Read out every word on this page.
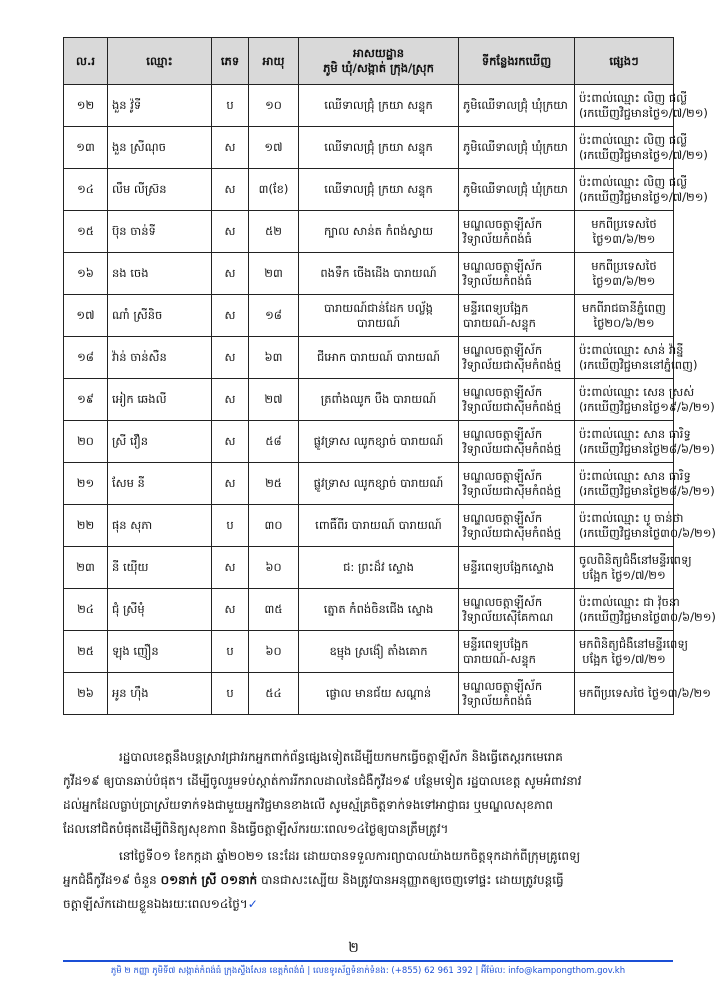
ល.រ	ឈ្មោះ	ភេទ	អាយុ	អាសយដ្ឋាន
ភូមិ ឃុំ/សង្កាត់ ក្រុង/ស្រុក	ទីកន្លែងរកឃើញ	ផ្សេងៗ
១២	ងួន វ៉ូទី	ប	១០	ឈើទាលជ្រុំ ក្រយា សន្ទុក	ភូមិឈើទាលជ្រុំ ឃុំក្រយា	ប៉ះពាល់ឈ្មោះ លិញ ផល្លី
(រកឃើញវិជ្ជមានថ្ងៃ១/៧/២១)

១៣	ងួន ស្រីណុច	ស	១៧	ឈើទាលជ្រុំ ក្រយា សន្ទុក	ភូមិឈើទាលជ្រុំ ឃុំក្រយា	ប៉ះពាល់ឈ្មោះ លិញ ផល្លី
(រកឃើញវិជ្ជមានថ្ងៃ១/៧/២១)

១៤	លឹម លីស្រ៊ន	ស	៣(ខែ)	ឈើទាលជ្រុំ ក្រយា សន្ទុក	ភូមិឈើទាលជ្រុំ ឃុំក្រយា	ប៉ះពាល់ឈ្មោះ លិញ ផល្លី
(រកឃើញវិជ្ជមានថ្ងៃ១/៧/២១)

១៥	ប៊ុន ចាន់ទី	ស	៥២	ក្បាល សាន់ត កំពង់ស្វាយ	មណ្ឌលចត្តាឡីស័ក
វិទ្យាល័យកំពង់ធំ	មកពីប្រទេសថៃ
ថ្ងៃ១៣/៦/២១

១៦	នង ចេង	ស	២៣	ពងទឹក ចើងដើង បារាយណ៍	មណ្ឌលចត្តាឡីស័ក
វិទ្យាល័យកំពង់ធំ	មកពីប្រទេសថៃ
ថ្ងៃ១៣/៦/២១

១៧	ណាំ ស្រីនិច	ស	១៨	បារាយណ៍ជាន់ដែក បល្ល័ង្ក
បារាយណ៍	មន្ទីរពេទ្យបង្អែក
បារាយណ៍-សន្ទុក	មកពីរាជធានីភ្នំពេញ
ថ្ងៃ២០/៦/២១

១៨	វ៉ាន់ ចាន់សឺន	ស	៦៣	ជីអោក បារាយណ៍ បារាយណ៍	មណ្ឌលចត្តាឡីស័ក
វិទ្យាល័យជាស៊ីមកំពង់ថ្ម	ប៉ះពាល់ឈ្មោះ សាន់ វ៉ាន្នី
(រកឃើញវិជ្ជមាននៅភ្នំពេញ)

១៩	អៀក ឆេងលី	ស	២៧	ត្រពាំងឈូក បឹង បារាយណ៍	មណ្ឌលចត្តាឡីស័ក
វិទ្យាល័យជាស៊ីមកំពង់ថ្ម	ប៉ះពាល់ឈ្មោះ សេន ស្រស់
(រកឃើញវិជ្ជមានថ្ងៃ១៩/៦/២១)

២០	ស្រី វឿន	ស	៥៨	ផ្លូវទ្រាស ឈូកខ្សាច់ បារាយណ៍	មណ្ឌលចត្តាឡីស័ក
វិទ្យាល័យជាស៊ីមកំពង់ថ្ម	ប៉ះពាល់ឈ្មោះ សាន ធារិទ្ធ
(រកឃើញវិជ្ជមានថ្ងៃ២៨/៦/២១)

២១	សែម នី	ស	២៥	ផ្លូវទ្រាស ឈូកខ្សាច់ បារាយណ៍	មណ្ឌលចត្តាឡីស័ក
វិទ្យាល័យជាស៊ីមកំពង់ថ្ម	ប៉ះពាល់ឈ្មោះ សាន ធារិទ្ធ
(រកឃើញវិជ្ជមានថ្ងៃ២៨/៦/២១)

២២	ផុន សុភា	ប	៣០	ពោធិ៍ពីរ បារាយណ៍ បារាយណ៍	មណ្ឌលចត្តាឡីស័ក
វិទ្យាល័យជាស៊ីមកំពង់ថ្ម	ប៉ះពាល់ឈ្មោះ បូ ចាន់ថា
(រកឃើញវិជ្ជមានថ្ងៃ៣០/៦/២១)

២៣	នី យ៉ើយ	ស	៦០	ជ: ព្រះដ៏វ ស្ទោង	មន្ទីរពេទ្យបង្អែកស្ទោង	ចូលពិនិត្យជំងឺនៅមន្ទីរពេទ្យ
បង្អែក ថ្ងៃ១/៧/២១

២៤	ជុំ ស្រីមុំ	ស	៣៥	ត្នោត កំពង់ចិនជើង ស្ទោង	មណ្ឌលចត្តាឡីស័ក
វិទ្យាល័យស៊ើគែកាណ	ប៉ះពាល់ឈ្មោះ ជា វ៉ុចនា
(រកឃើញវិជ្ជមានថ្ងៃ៣០/៦/២១)

២៥	ឡុង ញឿន	ប	៦០	ឧម្មុង ស្រង៉ៀ តាំងគោក	មន្ទីរពេទ្យបង្អែក
បារាយណ៍-សន្ទុក	មកពិនិត្យជំងឺនៅមន្ទីរពេទ្យ
បង្អែក ថ្ងៃ១/៧/២១

២៦	អូន ហ៊ឹង	ប	៥៤	ផ្លោល មានជ័យ សណ្ដាន់	មណ្ឌលចត្តាឡីស័ក
វិទ្យាល័យកំពង់ធំ	មកពីប្រទេសថៃ ថ្ងៃ១៣/៦/២១
រដ្ឋបាលខេត្តនឹងបន្តស្រាវជ្រាវរកអ្នកពាក់ព័ន្ធផ្សេងទៀតដើម្បីយកមកធ្វើចត្តាឡីស័ក និងធ្វើតេស្តរកមេរោគ
កូវីដ១៩ ឲ្យបានឆាប់បំផុត។ ដើម្បីចូលរួមទប់ស្កាត់ការរីករាលដាលនៃជំងឺកូវីដ១៩ បន្ថែមទៀត រដ្ឋបាលខេត្ត សូមអំពាវនាវ
ដល់អ្នកដែលធ្លាប់ប្រាស្រ័យទាក់ទងជាមួយអ្នកវិជ្ជមានខាងលើ សូមស្ម័គ្រចិត្តទាក់ទងទៅអាជ្ញាធរ ឬមណ្ឌលសុខភាព
ដែលនៅជិតបំផុតដើម្បីពិនិត្យសុខភាព និងធ្វើចត្តាឡីស័ករយៈពេល១៤ថ្ងៃឲ្យបានត្រឹមត្រូវ។
នៅថ្ងៃទី០១ ខែកក្កដា ឆ្នាំ២០២១ នេះដែរ ដោយបានទទួលការព្យាបាលយ៉ាងយកចិត្តទុកដាក់ពីក្រុមគ្រូពេទ្យ
អ្នកជំងឺកូវីដ១៩ ចំនួន ០១នាក់ ស្រី ០១នាក់ បានជាសះស្បើយ និងត្រូវបានអនុញ្ញាតឲ្យចេញទៅផ្ទះ ដោយត្រូវបន្តធ្វើ
ចត្តាឡីស័កដោយខ្លួនឯងរយៈពេល១៤ថ្ងៃ។✓
២
ភូមិ ២ កញ្ញា ភូមិទី៧ សង្កាត់កំពង់ធំ ក្រុងស្ទឹងសែន ខេត្តកំពង់ធំ | លេខទូរស័ព្ទទំនាក់ទំនង: (+855) 62 961 392 | អ៊ីម៉ែល: info@kampongthom.gov.kh
